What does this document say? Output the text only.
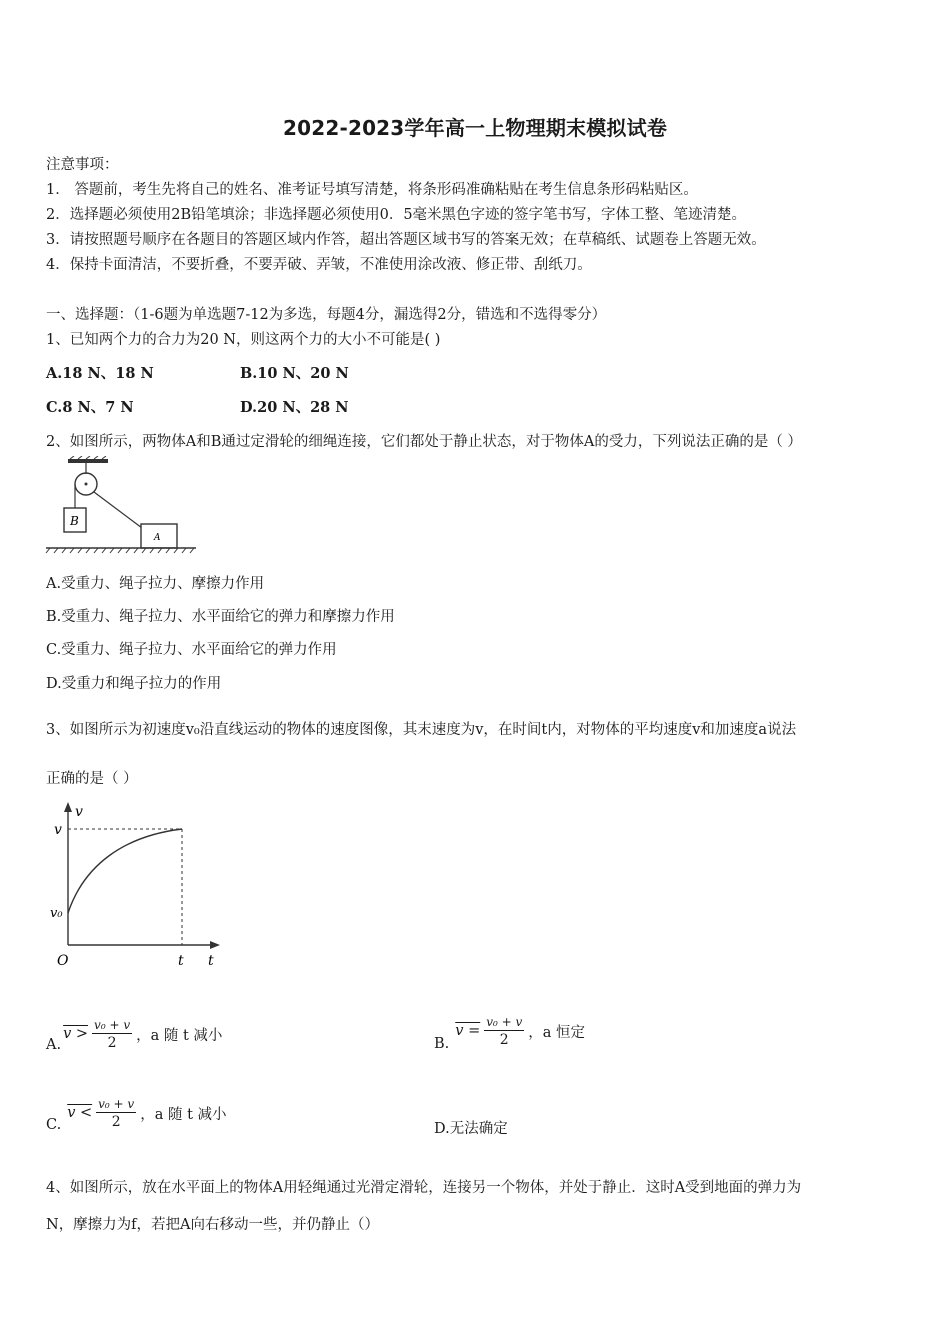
2022-2023学年高一上物理期末模拟试卷
注意事项：
1． 答题前，考生先将自己的姓名、准考证号填写清楚，将条形码准确粘贴在考生信息条形码粘贴区。
2．选择题必须使用2B铅笔填涂；非选择题必须使用0．5毫米黑色字迹的签字笔书写，字体工整、笔迹清楚。
3．请按照题号顺序在各题目的答题区域内作答，超出答题区域书写的答案无效；在草稿纸、试题卷上答题无效。
4．保持卡面清洁，不要折叠，不要弄破、弄皱，不准使用涂改液、修正带、刮纸刀。
一、选择题：（1-6题为单选题7-12为多选，每题4分，漏选得2分，错选和不选得零分）
1、已知两个力的合力为20 N，则这两个力的大小不可能是( )
A.18 N、18 N	B.10 N、20 N
C.8 N、7 N	D.20 N、28 N
2、如图所示，两物体A和B通过定滑轮的细绳连接，它们都处于静止状态，对于物体A的受力，下列说法正确的是（ ）
B
A
A.受重力、绳子拉力、摩擦力作用
B.受重力、绳子拉力、水平面给它的弹力和摩擦力作用
C.受重力、绳子拉力、水平面给它的弹力作用
D.受重力和绳子拉力的作用
3、如图所示为初速度v₀沿直线运动的物体的速度图像，其末速度为v，在时间t内，对物体的平均速度v和加速度a说法
正确的是（ ）
v
v
v₀
O	t t
A.
$v > \frac{\text{v₀ + v}}{2}$ ，a 随 t 减小
B.
$v = \frac{\text{v₀ + v}}{2}$ ，a 恒定
C.
$v < \frac{\text{v₀ + v}}{2}$ ，a 随 t 减小
D.无法确定
4、如图所示，放在水平面上的物体A用轻绳通过光滑定滑轮，连接另一个物体，并处于静止．这时A受到地面的弹力为
N，摩擦力为f，若把A向右移动一些，并仍静止（）
